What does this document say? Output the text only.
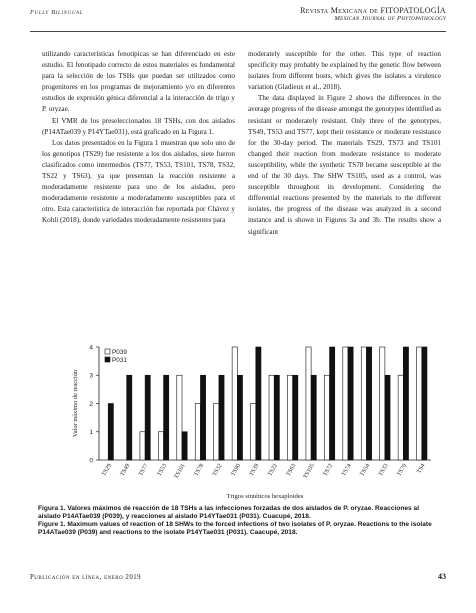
Fully Bilingual	Revista Mexicana de FITOPATOLOGÍA
Mexican Journal of Phytopathology

utilizando características fenotípicas se han diferenciado en este estudio. El fenotipado correcto de estos materiales es fundamental para la selección de los TSHs que puedan ser utilizados como progenitores en los programas de mejoramiento y/o en diferentes estudios de expresión génica diferencial a la interacción de trigo y P. oryzae.

El VMR de los preseleccionados 18 TSHs, con dos aislados (P14ATae039 y P14YTae031), está graficado en la Figura 1.

Los datos presentados en la Figura 1 muestran que solo uno de los genotipos (TS29) fue resistente a los dos aislados, siete fueron clasificados como intermedios (TS77, TS53, TS101, TS78, TS32, TS22 y TS63), ya que presentan la reacción resistente a moderadamente resistente para uno de los aislados, pero moderadamente resistente a moderadamente susceptibles para el otro. Esta característica de interacción fue reportada por Chávez y Kohli (2018), donde variedades moderadamente resistentes para

moderately susceptible for the other. This type of reaction specificity may probably be explained by the genetic flow between isolates from different hosts, which gives the isolates a virulence variation (Gladieux et al., 2018).

The data displayed in Figure 2 shows the differences in the average progress of the disease amongst the genotypes identified as resistant or moderately resistant. Only three of the genotypes, TS49, TS53 and TS77, kept their resistance or moderate resistance for the 30-day period. The materials TS29, TS73 and TS101 changed their reaction from moderate resistance to moderate susceptibility, while the synthetic TS78 became susceptible at the end of the 30 days. The SHW TS105, used as a control, was susceptible throughout its development. Considering the differential reactions presented by the materials to the different isolates, the progress of the disease was analyzed in a second instance and is shown in Figures 3a and 3b. The results show a significant

0
1
2
3
4
Valor máximo de reacción
TS29 TS49 TS77 TS53 TS101 TS78 TS32 TS90 TS39 TS22 TS63 TS105 TS72 TS74 TS54 TS33 TS70 TS4
Trigos sintéticos hexaploides
P039
P031
Figura 1. Valores máximos de reacción de 18 TSHs a las infecciones forzadas de dos aislados de P. oryzae. Reacciones al aislado P14ATae039 (P039), y reacciones al aislado P14YTae031 (P031). Cuacupé, 2018.
Figure 1. Maximum values of reaction of 18 SHWs to the forced infections of two isolates of P. oryzae. Reactions to the isolate P14ATae039 (P039) and reactions to the isolate P14YTae031 (P031). Caacupé, 2018.
Publicación en línea, enero 2019	43
